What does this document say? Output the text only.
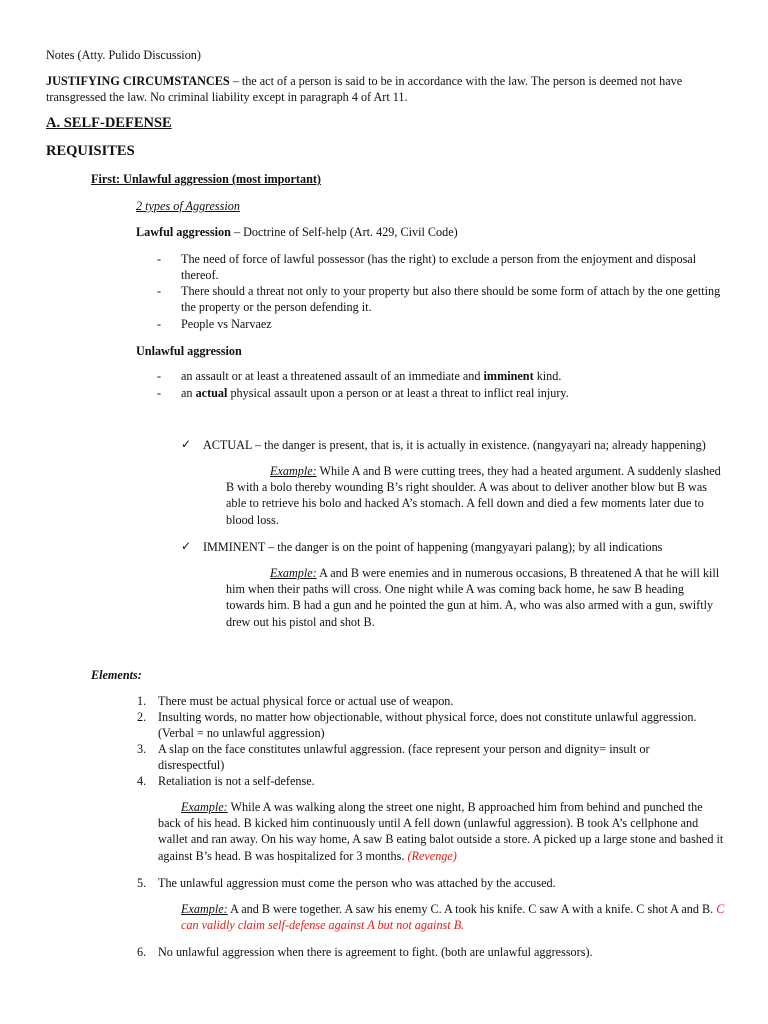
Notes (Atty. Pulido Discussion)

JUSTIFYING CIRCUMSTANCES – the act of a person is said to be in accordance with the law. The person is deemed not have transgressed the law. No criminal liability except in paragraph 4 of Art 11.

A. SELF-DEFENSE

REQUISITES

First: Unlawful aggression (most important)

2 types of Aggression

Lawful aggression – Doctrine of Self-help (Art. 429, Civil Code)

- The need of force of lawful possessor (has the right) to exclude a person from the enjoyment and disposal thereof.
- There should a threat not only to your property but also there should be some form of attach by the one getting the property or the person defending it.
- People vs Narvaez

Unlawful aggression

- an assault or at least a threatened assault of an immediate and imminent kind.
- an actual physical assault upon a person or at least a threat to inflict real injury.
✓ ACTUAL – the danger is present, that is, it is actually in existence. (nangyayari na; already happening)

Example: While A and B were cutting trees, they had a heated argument. A suddenly slashed B with a bolo thereby wounding B’s right shoulder. A was about to deliver another blow but B was able to retrieve his bolo and hacked A’s stomach. A fell down and died a few moments later due to blood loss.

✓ IMMINENT – the danger is on the point of happening (mangyayari palang); by all indications

Example: A and B were enemies and in numerous occasions, B threatened A that he will kill him when their paths will cross. One night while A was coming back home, he saw B heading towards him. B had a gun and he pointed the gun at him. A, who was also armed with a gun, swiftly drew out his pistol and shot B.

Elements:

1. There must be actual physical force or actual use of weapon.
2. Insulting words, no matter how objectionable, without physical force, does not constitute unlawful aggression. (Verbal = no unlawful aggression)
3. A slap on the face constitutes unlawful aggression. (face represent your person and dignity= insult or disrespectful)
4. Retaliation is not a self-defense.

Example: While A was walking along the street one night, B approached him from behind and punched the back of his head. B kicked him continuously until A fell down (unlawful aggression). B took A’s cellphone and wallet and ran away. On his way home, A saw B eating balot outside a store. A picked up a large stone and bashed it against B’s head. B was hospitalized for 3 months. (Revenge)

5. The unlawful aggression must come the person who was attached by the accused.

Example: A and B were together. A saw his enemy C. A took his knife. C saw A with a knife. C shot A and B. C can validly claim self-defense against A but not against B.

6. No unlawful aggression when there is agreement to fight. (both are unlawful aggressors).
